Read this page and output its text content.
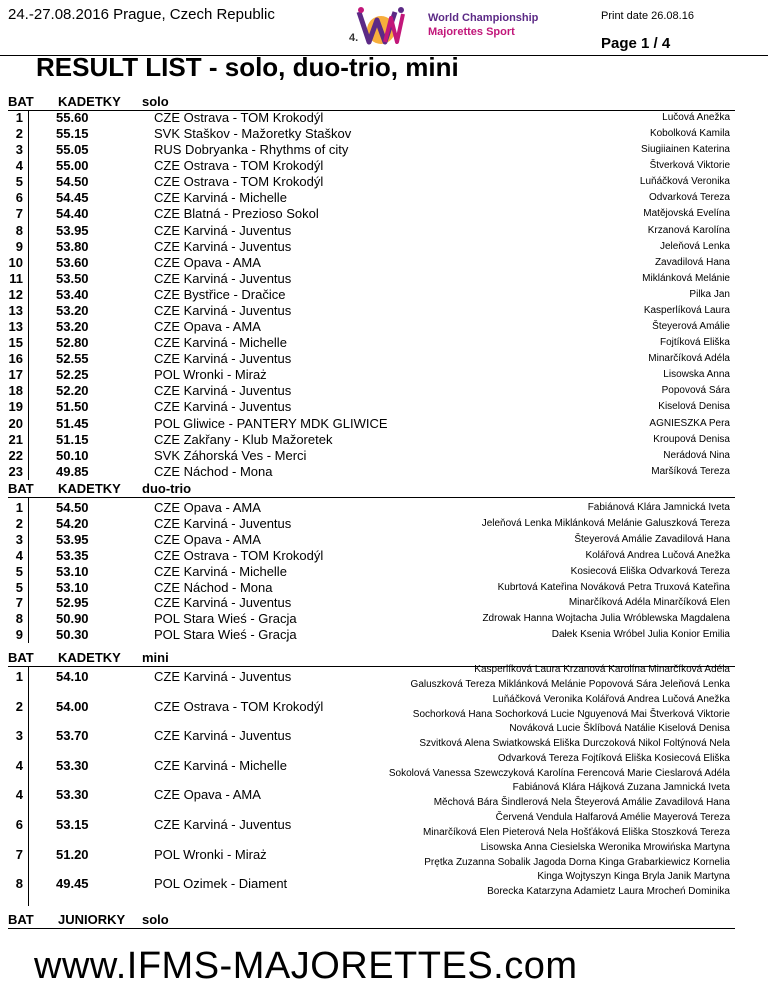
24.-27.08.2016 Prague, Czech Republic
4.
World Championship
Majorettes Sport
Print date 26.08.16
Page 1 / 4
RESULT LIST - solo, duo-trio, mini
BAT KADETKY solo
1	55.60	CZE Ostrava - TOM Krokodýl	Lučová Anežka
2	55.15	SVK Staškov - Mažoretky Staškov	Kobolková Kamila
3	55.05	RUS Dobryanka - Rhythms of city	Siugiiainen Katerina
4	55.00	CZE Ostrava - TOM Krokodýl	Štverková Viktorie
5	54.50	CZE Ostrava - TOM Krokodýl	Luňáčková Veronika
6	54.45	CZE Karviná - Michelle	Odvarková Tereza
7	54.40	CZE Blatná - Prezioso Sokol	Matějovská Evelína
8	53.95	CZE Karviná - Juventus	Krzanová Karolína
9	53.80	CZE Karviná - Juventus	Jeleňová Lenka
10	53.60	CZE Opava - AMA	Zavadilová Hana
11	53.50	CZE Karviná - Juventus	Miklánková Melánie
12	53.40	CZE Bystřice - Dračice	Pilka Jan
13	53.20	CZE Karviná - Juventus	Kasperlíková Laura
13	53.20	CZE Opava - AMA	Šteyerová Amálie
15	52.80	CZE Karviná - Michelle	Fojtíková Eliška
16	52.55	CZE Karviná - Juventus	Minarčíková Adéla
17	52.25	POL Wronki - Miraż	Lisowska Anna
18	52.20	CZE Karviná - Juventus	Popovová Sára
19	51.50	CZE Karviná - Juventus	Kiselová Denisa
20	51.45	POL Gliwice - PANTERY MDK GLIWICE	AGNIESZKA Pera
21	51.15	CZE Zakřany - Klub Mažoretek	Kroupová Denisa
22	50.10	SVK Záhorská Ves - Merci	Nerádová Nina
23	49.85	CZE Náchod - Mona	Maršíková Tereza
BAT KADETKY duo-trio
1	54.50	CZE Opava - AMA	Fabiánová Klára Jamnická Iveta
2	54.20	CZE Karviná - Juventus	Jeleňová Lenka Miklánková Melánie Galuszková Tereza
3	53.95	CZE Opava - AMA	Šteyerová Amálie Zavadilová Hana
4	53.35	CZE Ostrava - TOM Krokodýl	Kolářová Andrea Lučová Anežka
5	53.10	CZE Karviná - Michelle	Kosiecová Eliška Odvarková Tereza
5	53.10	CZE Náchod - Mona	Kubrtová Kateřina Nováková Petra Truxová Kateřina
7	52.95	CZE Karviná - Juventus	Minarčíková Adéla Minarčíková Elen
8	50.90	POL Stara Wieś - Gracja	Zdrowak Hanna Wojtacha Julia Wróblewska Magdalena
9	50.30	POL Stara Wieś - Gracja	Dałek Ksenia Wróbel Julia Konior Emilia
BAT KADETKY mini
1	54.10	CZE Karviná - Juventus	Kasperlíková Laura Krzanová Karolína Minarčíková Adéla
Galuszková Tereza Miklánková Melánie Popovová Sára Jeleňová Lenka
2	54.00	CZE Ostrava - TOM Krokodýl	Luňáčková Veronika Kolářová Andrea Lučová Anežka
Sochorková Hana Sochorková Lucie Nguyenová Mai Štverková Viktorie
3	53.70	CZE Karviná - Juventus	Nováková Lucie Šklíbová Natálie Kiselová Denisa
Szvitková Alena Swiatkowská Eliška Durczoková Nikol Foltýnová Nela
4	53.30	CZE Karviná - Michelle	Odvarková Tereza Fojtíková Eliška Kosiecová Eliška
Sokolová Vanessa Szewczyková Karolína Ferencová Marie Cieslarová Adéla
4	53.30	CZE Opava - AMA	Fabiánová Klára Hájková Zuzana Jamnická Iveta
Měchová Bára Šindlerová Nela Šteyerová Amálie Zavadilová Hana
6	53.15	CZE Karviná - Juventus	Červená Vendula Halfarová Amélie Mayerová Tereza
Minarčíková Elen Pieterová Nela Hošťáková Eliška Stoszková Tereza
7	51.20	POL Wronki - Miraż	Lisowska Anna Ciesielska Weronika Mrowińska Martyna
Prętka Zuzanna Sobalik Jagoda Dorna Kinga Grabarkiewicz Kornelia
8	49.45	POL Ozimek - Diament	Kinga Wojtyszyn Kinga Bryla Janik Martyna
Borecka Katarzyna Adamietz Laura Mrocheń Dominika
BAT JUNIORKY solo
www.IFMS-MAJORETTES.com
